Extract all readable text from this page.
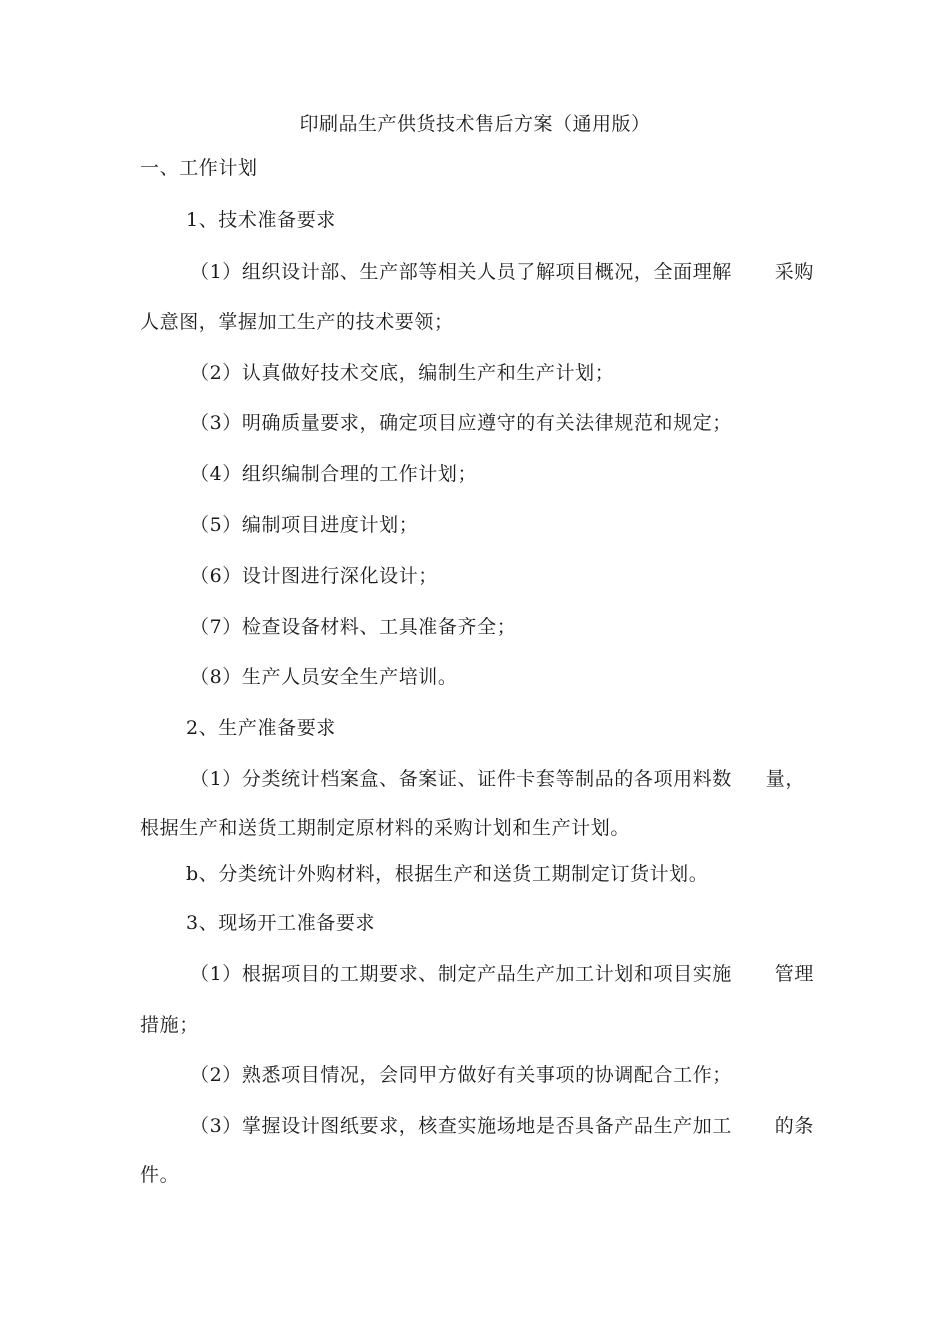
印刷品生产供货技术售后方案（通用版）
一、工作计划
1、技术准备要求
（1）组织设计部、生产部等相关人员了解项目概况，全面理解 采购
人意图，掌握加工生产的技术要领；
（2）认真做好技术交底，编制生产和生产计划；
（3）明确质量要求，确定项目应遵守的有关法律规范和规定；
（4）组织编制合理的工作计划；
（5）编制项目进度计划；
（6）设计图进行深化设计；
（7）检查设备材料、工具准备齐全；
（8）生产人员安全生产培训。
2、生产准备要求
（1）分类统计档案盒、备案证、证件卡套等制品的各项用料数 量，
根据生产和送货工期制定原材料的采购计划和生产计划。
b、分类统计外购材料，根据生产和送货工期制定订货计划。
3、现场开工准备要求
（1）根据项目的工期要求、制定产品生产加工计划和项目实施 管理
措施；
（2）熟悉项目情况，会同甲方做好有关事项的协调配合工作；
（3）掌握设计图纸要求，核查实施场地是否具备产品生产加工 的条
件。
